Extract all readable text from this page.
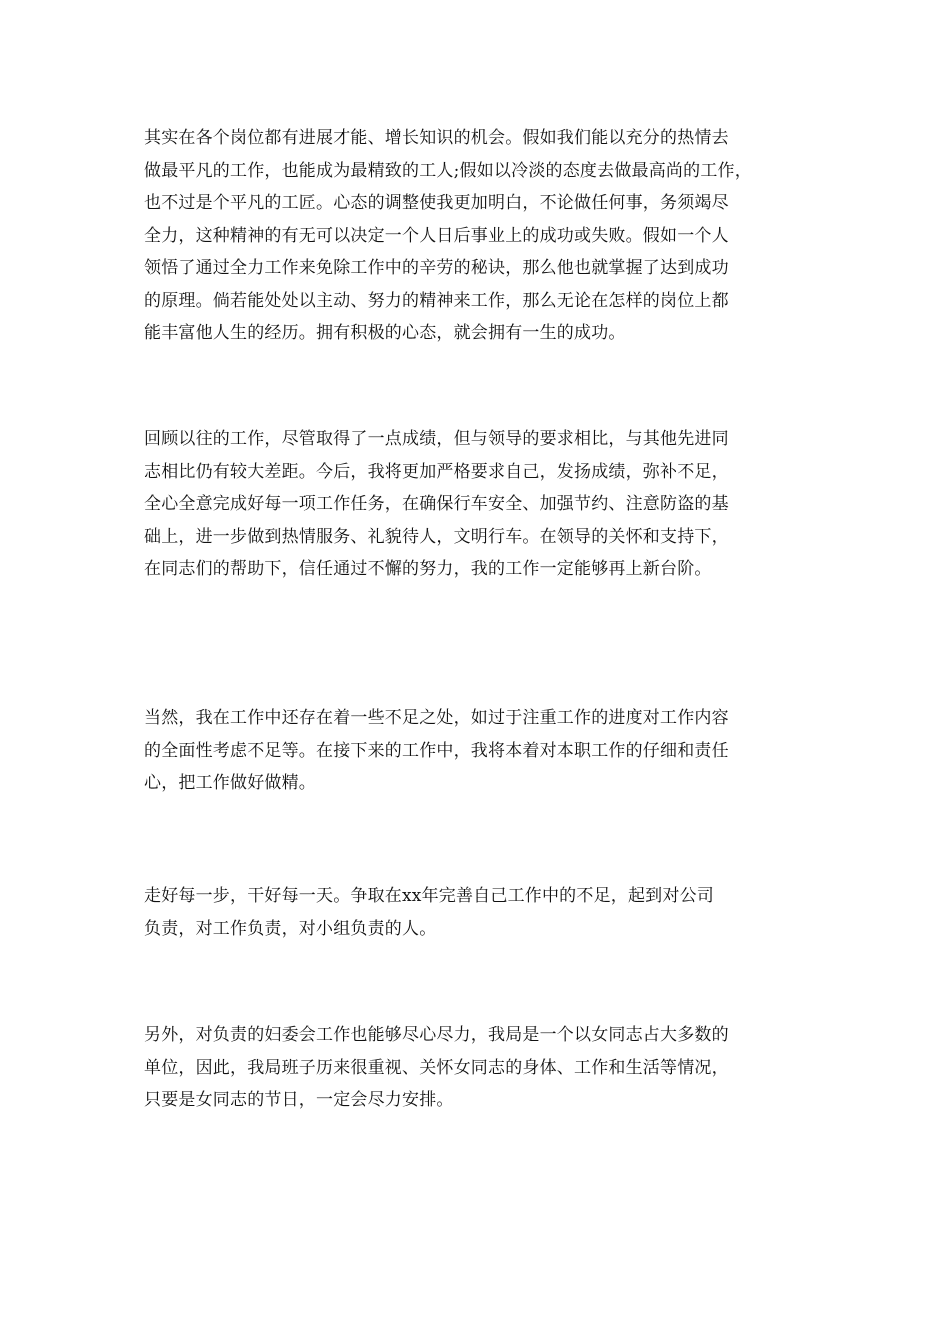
其实在各个岗位都有进展才能、增长知识的机会。假如我们能以充分的热情去
做最平凡的工作，也能成为最精致的工人;假如以冷淡的态度去做最高尚的工作，
也不过是个平凡的工匠。心态的调整使我更加明白，不论做任何事，务须竭尽
全力，这种精神的有无可以决定一个人日后事业上的成功或失败。假如一个人
领悟了通过全力工作来免除工作中的辛劳的秘诀，那么他也就掌握了达到成功
的原理。倘若能处处以主动、努力的精神来工作，那么无论在怎样的岗位上都
能丰富他人生的经历。拥有积极的心态，就会拥有一生的成功。
回顾以往的工作，尽管取得了一点成绩，但与领导的要求相比，与其他先进同
志相比仍有较大差距。今后，我将更加严格要求自己，发扬成绩，弥补不足，
全心全意完成好每一项工作任务，在确保行车安全、加强节约、注意防盗的基
础上，进一步做到热情服务、礼貌待人，文明行车。在领导的关怀和支持下，
在同志们的帮助下，信任通过不懈的努力，我的工作一定能够再上新台阶。
当然，我在工作中还存在着一些不足之处，如过于注重工作的进度对工作内容
的全面性考虑不足等。在接下来的工作中，我将本着对本职工作的仔细和责任
心，把工作做好做精。
走好每一步，干好每一天。争取在xx年完善自己工作中的不足，起到对公司
负责，对工作负责，对小组负责的人。
另外，对负责的妇委会工作也能够尽心尽力，我局是一个以女同志占大多数的
单位，因此，我局班子历来很重视、关怀女同志的身体、工作和生活等情况，
只要是女同志的节日，一定会尽力安排。
